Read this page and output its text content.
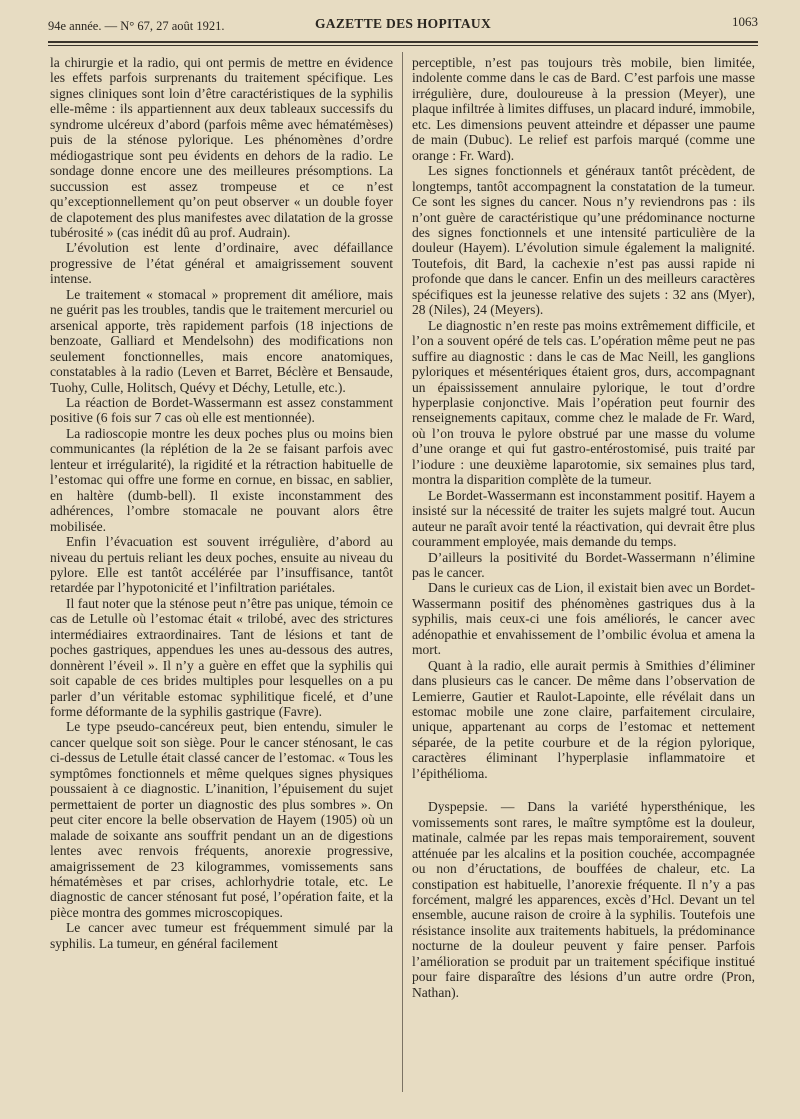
94e année. — N° 67, 27 août 1921.	GAZETTE DES HOPITAUX	1063

la chirurgie et la radio, qui ont permis de mettre en évidence les effets parfois surprenants du traitement spécifique. Les signes cliniques sont loin d’être caractéristiques de la syphilis elle-même : ils appartiennent aux deux tableaux successifs du syndrome ulcéreux d’abord (parfois même avec hématémèses) puis de la sténose pylorique. Les phénomènes d’ordre médiogastrique sont peu évidents en dehors de la radio. Le sondage donne encore une des meilleures présomptions. La succussion est assez trompeuse et ce n’est qu’exceptionnellement qu’on peut observer « un double foyer de clapotement des plus manifestes avec dilatation de la grosse tubérosité » (cas inédit dû au prof. Audrain).

L’évolution est lente d’ordinaire, avec défaillance progressive de l’état général et amaigrissement souvent intense.

Le traitement « stomacal » proprement dit améliore, mais ne guérit pas les troubles, tandis que le traitement mercuriel ou arsenical apporte, très rapidement parfois (18 injections de benzoate, Galliard et Mendelsohn) des modifications non seulement fonctionnelles, mais encore anatomiques, constatables à la radio (Leven et Barret, Béclère et Bensaude, Tuohy, Culle, Holitsch, Quévy et Déchy, Letulle, etc.).

La réaction de Bordet-Wassermann est assez constamment positive (6 fois sur 7 cas où elle est mentionnée).

La radioscopie montre les deux poches plus ou moins bien communicantes (la réplétion de la 2e se faisant parfois avec lenteur et irrégularité), la rigidité et la rétraction habituelle de l’estomac qui offre une forme en cornue, en bissac, en sablier, en haltère (dumb-bell). Il existe inconstamment des adhérences, l’ombre stomacale ne pouvant alors être mobilisée.

Enfin l’évacuation est souvent irrégulière, d’abord au niveau du pertuis reliant les deux poches, ensuite au niveau du pylore. Elle est tantôt accélérée par l’insuffisance, tantôt retardée par l’hypotonicité et l’infiltration pariétales.

Il faut noter que la sténose peut n’être pas unique, témoin ce cas de Letulle où l’estomac était « trilobé, avec des strictures intermédiaires extraordinaires. Tant de lésions et tant de poches gastriques, appendues les unes au-dessous des autres, donnèrent l’éveil ». Il n’y a guère en effet que la syphilis qui soit capable de ces brides multiples pour lesquelles on a pu parler d’un véritable estomac syphilitique ficelé, et d’une forme déformante de la syphilis gastrique (Favre).

Le type pseudo-cancéreux peut, bien entendu, simuler le cancer quelque soit son siège. Pour le cancer sténosant, le cas ci-dessus de Letulle était classé cancer de l’estomac. « Tous les symptômes fonctionnels et même quelques signes physiques poussaient à ce diagnostic. L’inanition, l’épuisement du sujet permettaient de porter un diagnostic des plus sombres ». On peut citer encore la belle observation de Hayem (1905) où un malade de soixante ans souffrit pendant un an de digestions lentes avec renvois fréquents, anorexie progressive, amaigrissement de 23 kilogrammes, vomissements sans hématémèses et par crises, achlorhydrie totale, etc. Le diagnostic de cancer sténosant fut posé, l’opération faite, et la pièce montra des gommes microscopiques.

Le cancer avec tumeur est fréquemment simulé par la syphilis. La tumeur, en général facilement

perceptible, n’est pas toujours très mobile, bien limitée, indolente comme dans le cas de Bard. C’est parfois une masse irrégulière, dure, douloureuse à la pression (Meyer), une plaque infiltrée à limites diffuses, un placard induré, immobile, etc. Les dimensions peuvent atteindre et dépasser une paume de main (Dubuc). Le relief est parfois marqué (comme une orange : Fr. Ward).

Les signes fonctionnels et généraux tantôt précèdent, de longtemps, tantôt accompagnent la constatation de la tumeur. Ce sont les signes du cancer. Nous n’y reviendrons pas : ils n’ont guère de caractéristique qu’une prédominance nocturne des signes fonctionnels et une intensité particulière de la douleur (Hayem). L’évolution simule également la malignité. Toutefois, dit Bard, la cachexie n’est pas aussi rapide ni profonde que dans le cancer. Enfin un des meilleurs caractères spécifiques est la jeunesse relative des sujets : 32 ans (Myer), 28 (Niles), 24 (Meyers).

Le diagnostic n’en reste pas moins extrêmement difficile, et l’on a souvent opéré de tels cas. L’opération même peut ne pas suffire au diagnostic : dans le cas de Mac Neill, les ganglions pyloriques et mésentériques étaient gros, durs, accompagnant un épaississement annulaire pylorique, le tout d’ordre hyperplasie conjonctive. Mais l’opération peut fournir des renseignements capitaux, comme chez le malade de Fr. Ward, où l’on trouva le pylore obstrué par une masse du volume d’une orange et qui fut gastro-entérostomisé, puis traité par l’iodure : une deuxième laparotomie, six semaines plus tard, montra la disparition complète de la tumeur.

Le Bordet-Wassermann est inconstamment positif. Hayem a insisté sur la nécessité de traiter les sujets malgré tout. Aucun auteur ne paraît avoir tenté la réactivation, qui devrait être plus couramment employée, mais demande du temps.

D’ailleurs la positivité du Bordet-Wassermann n’élimine pas le cancer.

Dans le curieux cas de Lion, il existait bien avec un Bordet-Wassermann positif des phénomènes gastriques dus à la syphilis, mais ceux-ci une fois améliorés, le cancer avec adénopathie et envahissement de l’ombilic évolua et amena la mort.

Quant à la radio, elle aurait permis à Smithies d’éliminer dans plusieurs cas le cancer. De même dans l’observation de Lemierre, Gautier et Raulot-Lapointe, elle révélait dans un estomac mobile une zone claire, parfaitement circulaire, unique, appartenant au corps de l’estomac et nettement séparée, de la petite courbure et de la région pylorique, caractères éliminant l’hyperplasie inflammatoire et l’épithélioma.

Dyspepsie. — Dans la variété hypersthénique, les vomissements sont rares, le maître symptôme est la douleur, matinale, calmée par les repas mais temporairement, souvent atténuée par les alcalins et la position couchée, accompagnée ou non d’éructations, de bouffées de chaleur, etc. La constipation est habituelle, l’anorexie fréquente. Il n’y a pas forcément, malgré les apparences, excès d’Hcl. Devant un tel ensemble, aucune raison de croire à la syphilis. Toutefois une résistance insolite aux traitements habituels, la prédominance nocturne de la douleur peuvent y faire penser. Parfois l’amélioration se produit par un traitement spécifique institué pour faire disparaître des lésions d’un autre ordre (Pron, Nathan).
